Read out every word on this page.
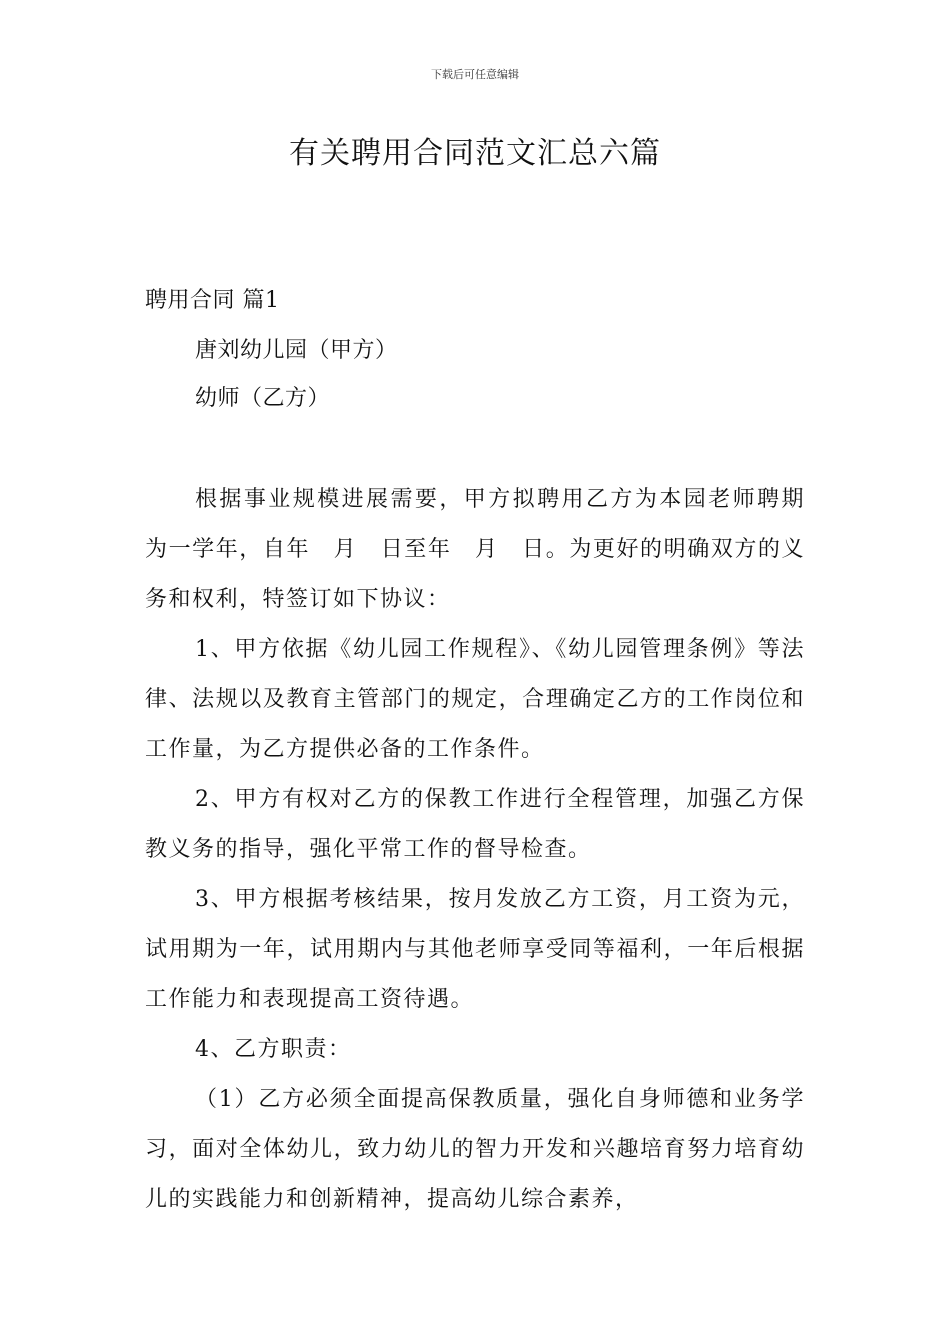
下载后可任意编辑
有关聘用合同范文汇总六篇
聘用合同 篇1
唐刘幼儿园（甲方）
幼师（乙方）

根据事业规模进展需要，甲方拟聘用乙方为本园老师聘期为一学年，自年　月　日至年　月　日。为更好的明确双方的义务和权利，特签订如下协议：

1、甲方依据《幼儿园工作规程》、《幼儿园管理条例》等法律、法规以及教育主管部门的规定，合理确定乙方的工作岗位和工作量，为乙方提供必备的工作条件。

2、甲方有权对乙方的保教工作进行全程管理，加强乙方保教义务的指导，强化平常工作的督导检查。

3、甲方根据考核结果，按月发放乙方工资，月工资为元，试用期为一年，试用期内与其他老师享受同等福利，一年后根据工作能力和表现提高工资待遇。

4、乙方职责：

（1）乙方必须全面提高保教质量，强化自身师德和业务学习，面对全体幼儿，致力幼儿的智力开发和兴趣培育努力培育幼儿的实践能力和创新精神，提高幼儿综合素养，
